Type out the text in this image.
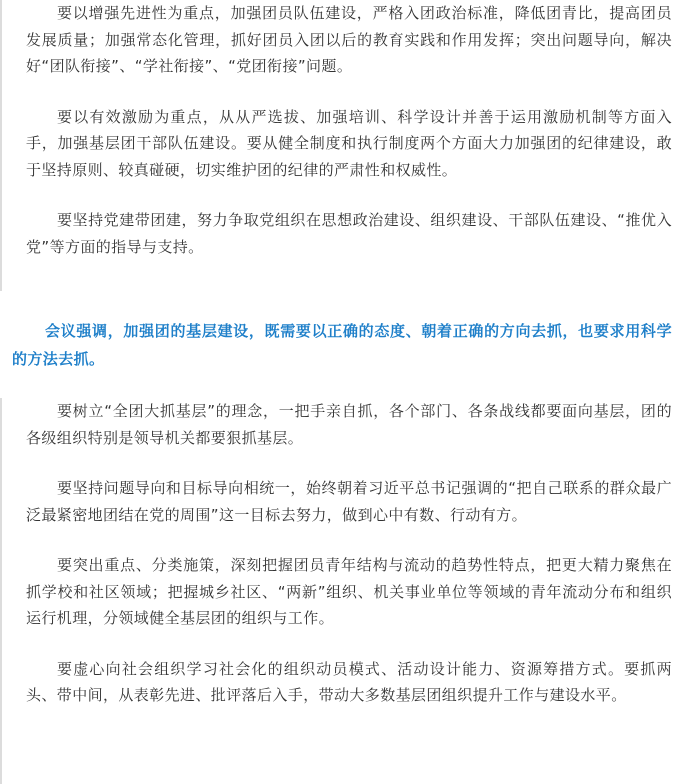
要以增强先进性为重点，加强团员队伍建设，严格入团政治标准，降低团青比，提高团员发展质量；加强常态化管理，抓好团员入团以后的教育实践和作用发挥；突出问题导向，解决好“团队衔接”、“学社衔接”、“党团衔接”问题。

要以有效激励为重点，从从严选拔、加强培训、科学设计并善于运用激励机制等方面入手，加强基层团干部队伍建设。要从健全制度和执行制度两个方面大力加强团的纪律建设，敢于坚持原则、较真碰硬，切实维护团的纪律的严肃性和权威性。

要坚持党建带团建，努力争取党组织在思想政治建设、组织建设、干部队伍建设、“推优入党”等方面的指导与支持。

会议强调，加强团的基层建设，既需要以正确的态度、朝着正确的方向去抓，也要求用科学的方法去抓。

要树立“全团大抓基层”的理念，一把手亲自抓，各个部门、各条战线都要面向基层，团的各级组织特别是领导机关都要狠抓基层。

要坚持问题导向和目标导向相统一，始终朝着习近平总书记强调的“把自己联系的群众最广泛最紧密地团结在党的周围”这一目标去努力，做到心中有数、行动有方。

要突出重点、分类施策，深刻把握团员青年结构与流动的趋势性特点，把更大精力聚焦在抓学校和社区领域；把握城乡社区、“两新”组织、机关事业单位等领域的青年流动分布和组织运行机理，分领域健全基层团的组织与工作。

要虚心向社会组织学习社会化的组织动员模式、活动设计能力、资源筹措方式。要抓两头、带中间，从表彰先进、批评落后入手，带动大多数基层团组织提升工作与建设水平。
